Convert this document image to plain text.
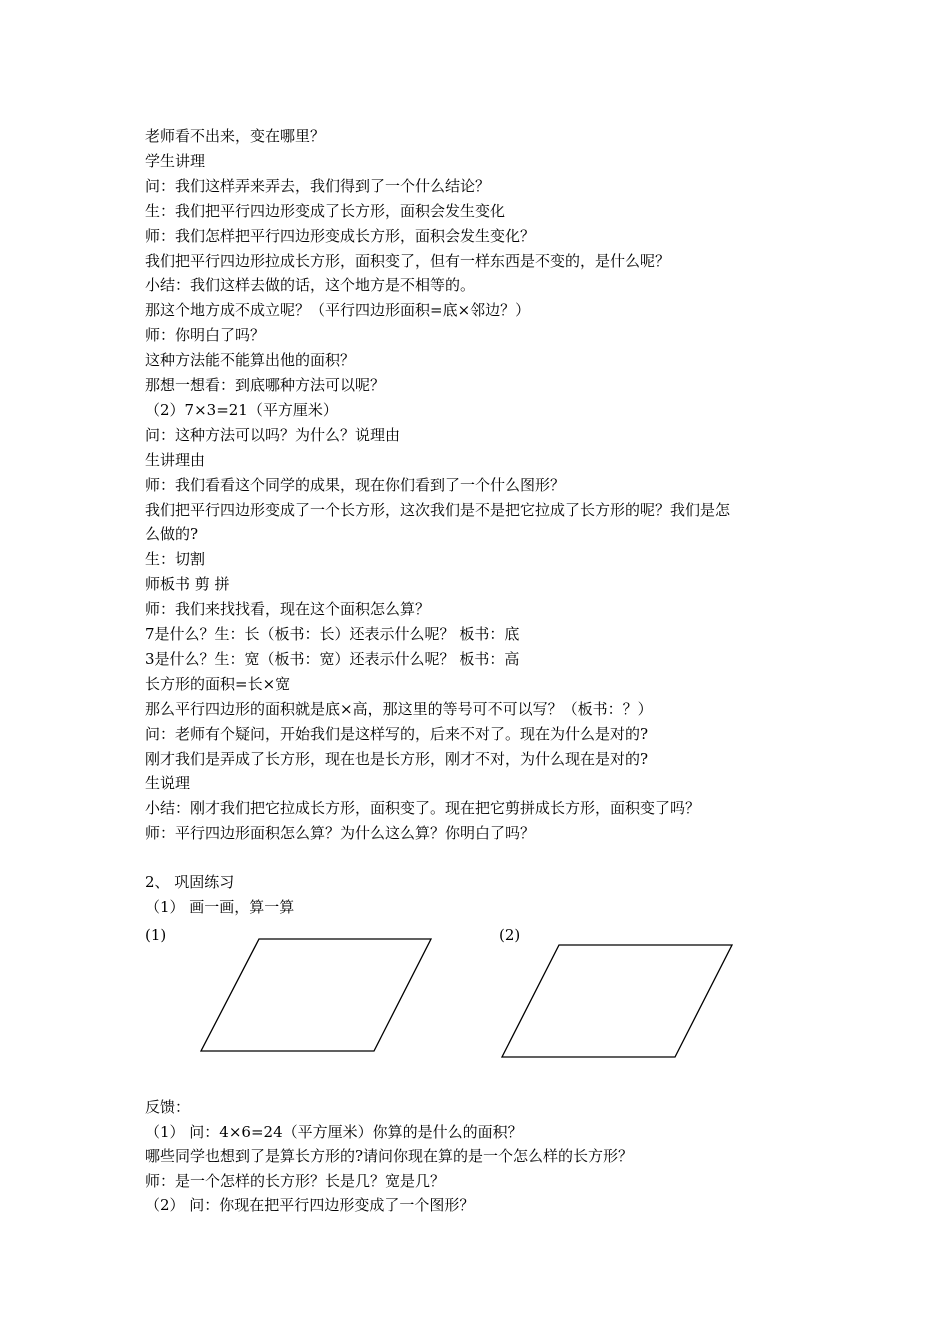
老师看不出来，变在哪里？
学生讲理
问：我们这样弄来弄去，我们得到了一个什么结论？
生：我们把平行四边形变成了长方形，面积会发生变化
师：我们怎样把平行四边形变成长方形，面积会发生变化？
我们把平行四边形拉成长方形，面积变了，但有一样东西是不变的，是什么呢？
小结：我们这样去做的话，这个地方是不相等的。
那这个地方成不成立呢？（平行四边形面积=底×邻边？）
师：你明白了吗？
这种方法能不能算出他的面积？
那想一想看：到底哪种方法可以呢？
（2）7×3=21（平方厘米）
问：这种方法可以吗？为什么？说理由
生讲理由
师：我们看看这个同学的成果，现在你们看到了一个什么图形？
我们把平行四边形变成了一个长方形，这次我们是不是把它拉成了长方形的呢？我们是怎
么做的?
生：切割
师板书 剪 拼
师：我们来找找看，现在这个面积怎么算？
7是什么？生：长（板书：长）还表示什么呢？ 板书：底
3是什么？生：宽（板书：宽）还表示什么呢？ 板书：高
长方形的面积=长×宽
那么平行四边形的面积就是底×高，那这里的等号可不可以写？（板书：？）
问：老师有个疑问，开始我们是这样写的，后来不对了。现在为什么是对的?
刚才我们是弄成了长方形，现在也是长方形，刚才不对，为什么现在是对的?
生说理
小结：刚才我们把它拉成长方形，面积变了。现在把它剪拼成长方形，面积变了吗？
师：平行四边形面积怎么算？为什么这么算？你明白了吗？
2、 巩固练习
（1） 画一画，算一算
(1)	(2)
反馈：
（1） 问：4×6=24（平方厘米）你算的是什么的面积？
哪些同学也想到了是算长方形的?请问你现在算的是一个怎么样的长方形？
师：是一个怎样的长方形？长是几？宽是几？
（2） 问：你现在把平行四边形变成了一个图形？
